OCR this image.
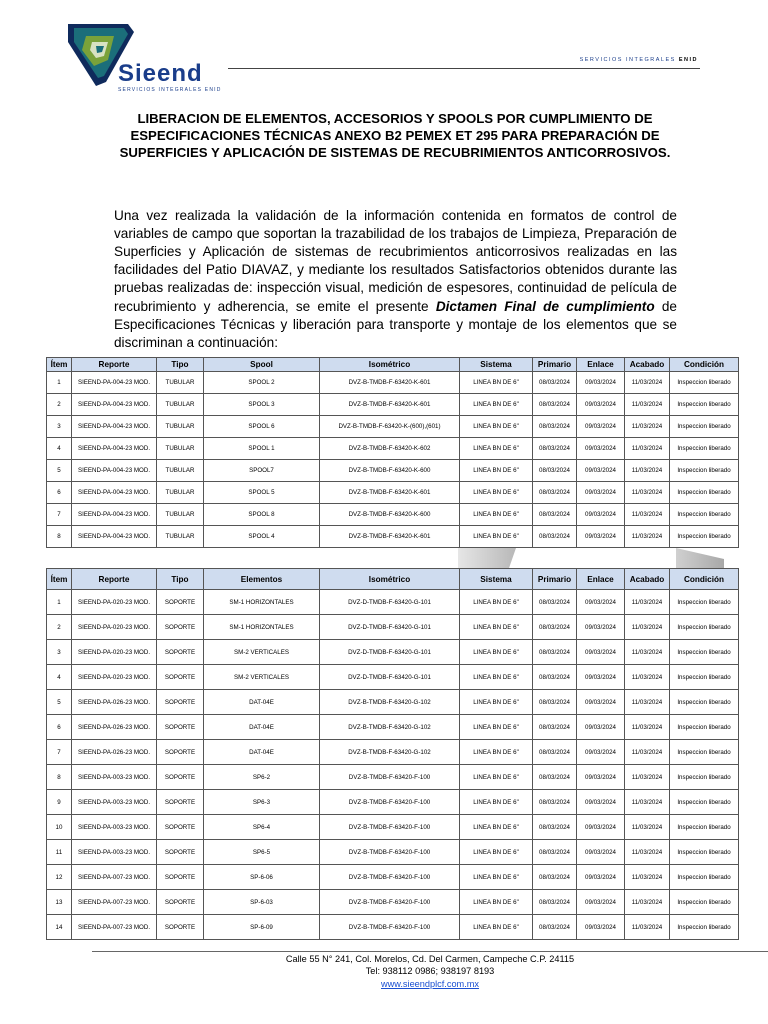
Sieend
SERVICIOS INTEGRALES ENID
SERVICIOS INTEGRALES ENID
LIBERACION DE ELEMENTOS, ACCESORIOS Y SPOOLS POR CUMPLIMIENTO DE ESPECIFICACIONES TÉCNICAS ANEXO B2 PEMEX ET 295 PARA PREPARACIÓN DE SUPERFICIES Y APLICACIÓN DE SISTEMAS DE RECUBRIMIENTOS ANTICORROSIVOS.

Una vez realizada la validación de la información contenida en formatos de control de variables de campo que soportan la trazabilidad de los trabajos de Limpieza, Preparación de Superficies y Aplicación de sistemas de recubrimientos anticorrosivos realizadas en las facilidades del Patio DIAVAZ, y mediante los resultados Satisfactorios obtenidos durante las pruebas realizadas de: inspección visual, medición de espesores, continuidad de película de recubrimiento y adherencia, se emite el presente Dictamen Final de cumplimiento de Especificaciones Técnicas y liberación para transporte y montaje de los elementos que se discriminan a continuación:

Ítem	Reporte	Tipo	Spool	Isométrico	Sistema	Primario	Enlace	Acabado	Condición
1	SIEEND-PA-004-23 MOD.	TUBULAR	SPOOL 2	DVZ-B-TMDB-F-63420-K-601	LINEA BN DE 6"	08/03/2024	09/03/2024	11/03/2024	Inspeccion liberado
2	SIEEND-PA-004-23 MOD.	TUBULAR	SPOOL 3	DVZ-B-TMDB-F-63420-K-601	LINEA BN DE 6"	08/03/2024	09/03/2024	11/03/2024	Inspeccion liberado
3	SIEEND-PA-004-23 MOD.	TUBULAR	SPOOL 6	DVZ-B-TMDB-F-63420-K-(600),(601)	LINEA BN DE 6"	08/03/2024	09/03/2024	11/03/2024	Inspeccion liberado
4	SIEEND-PA-004-23 MOD.	TUBULAR	SPOOL 1	DVZ-B-TMDB-F-63420-K-602	LINEA BN DE 6"	08/03/2024	09/03/2024	11/03/2024	Inspeccion liberado
5	SIEEND-PA-004-23 MOD.	TUBULAR	SPOOL7	DVZ-B-TMDB-F-63420-K-600	LINEA BN DE 6"	08/03/2024	09/03/2024	11/03/2024	Inspeccion liberado
6	SIEEND-PA-004-23 MOD.	TUBULAR	SPOOL 5	DVZ-B-TMDB-F-63420-K-601	LINEA BN DE 6"	08/03/2024	09/03/2024	11/03/2024	Inspeccion liberado
7	SIEEND-PA-004-23 MOD.	TUBULAR	SPOOL 8	DVZ-B-TMDB-F-63420-K-600	LINEA BN DE 6"	08/03/2024	09/03/2024	11/03/2024	Inspeccion liberado
8	SIEEND-PA-004-23 MOD.	TUBULAR	SPOOL 4	DVZ-B-TMDB-F-63420-K-601	LINEA BN DE 6"	08/03/2024	09/03/2024	11/03/2024	Inspeccion liberado
Ítem	Reporte	Tipo	Elementos	Isométrico	Sistema	Primario	Enlace	Acabado	Condición
1	SIEEND-PA-020-23 MOD.	SOPORTE	SM-1 HORIZONTALES	DVZ-D-TMDB-F-63420-G-101	LINEA BN DE 6"	08/03/2024	09/03/2024	11/03/2024	Inspeccion liberado
2	SIEEND-PA-020-23 MOD.	SOPORTE	SM-1 HORIZONTALES	DVZ-D-TMDB-F-63420-G-101	LINEA BN DE 6"	08/03/2024	09/03/2024	11/03/2024	Inspeccion liberado
3	SIEEND-PA-020-23 MOD.	SOPORTE	SM-2 VERTICALES	DVZ-D-TMDB-F-63420-G-101	LINEA BN DE 6"	08/03/2024	09/03/2024	11/03/2024	Inspeccion liberado
4	SIEEND-PA-020-23 MOD.	SOPORTE	SM-2 VERTICALES	DVZ-D-TMDB-F-63420-G-101	LINEA BN DE 6"	08/03/2024	09/03/2024	11/03/2024	Inspeccion liberado
5	SIEEND-PA-026-23 MOD.	SOPORTE	DAT-04E	DVZ-B-TMDB-F-63420-G-102	LINEA BN DE 6"	08/03/2024	09/03/2024	11/03/2024	Inspeccion liberado
6	SIEEND-PA-026-23 MOD.	SOPORTE	DAT-04E	DVZ-B-TMDB-F-63420-G-102	LINEA BN DE 6"	08/03/2024	09/03/2024	11/03/2024	Inspeccion liberado
7	SIEEND-PA-026-23 MOD.	SOPORTE	DAT-04E	DVZ-B-TMDB-F-63420-G-102	LINEA BN DE 6"	08/03/2024	09/03/2024	11/03/2024	Inspeccion liberado
8	SIEEND-PA-003-23 MOD.	SOPORTE	SP6-2	DVZ-B-TMDB-F-63420-F-100	LINEA BN DE 6"	08/03/2024	09/03/2024	11/03/2024	Inspeccion liberado
9	SIEEND-PA-003-23 MOD.	SOPORTE	SP6-3	DVZ-B-TMDB-F-63420-F-100	LINEA BN DE 6"	08/03/2024	09/03/2024	11/03/2024	Inspeccion liberado
10	SIEEND-PA-003-23 MOD.	SOPORTE	SP6-4	DVZ-B-TMDB-F-63420-F-100	LINEA BN DE 6"	08/03/2024	09/03/2024	11/03/2024	Inspeccion liberado
11	SIEEND-PA-003-23 MOD.	SOPORTE	SP6-5	DVZ-B-TMDB-F-63420-F-100	LINEA BN DE 6"	08/03/2024	09/03/2024	11/03/2024	Inspeccion liberado
12	SIEEND-PA-007-23 MOD.	SOPORTE	SP-6-06	DVZ-B-TMDB-F-63420-F-100	LINEA BN DE 6"	08/03/2024	09/03/2024	11/03/2024	Inspeccion liberado
13	SIEEND-PA-007-23 MOD.	SOPORTE	SP-6-03	DVZ-B-TMDB-F-63420-F-100	LINEA BN DE 6"	08/03/2024	09/03/2024	11/03/2024	Inspeccion liberado
14	SIEEND-PA-007-23 MOD.	SOPORTE	SP-6-09	DVZ-B-TMDB-F-63420-F-100	LINEA BN DE 6"	08/03/2024	09/03/2024	11/03/2024	Inspeccion liberado
Calle 55 N° 241, Col. Morelos, Cd. Del Carmen, Campeche C.P. 24115
Tel: 938112 0986; 938197 8193
www.sieendplcf.com.mx
